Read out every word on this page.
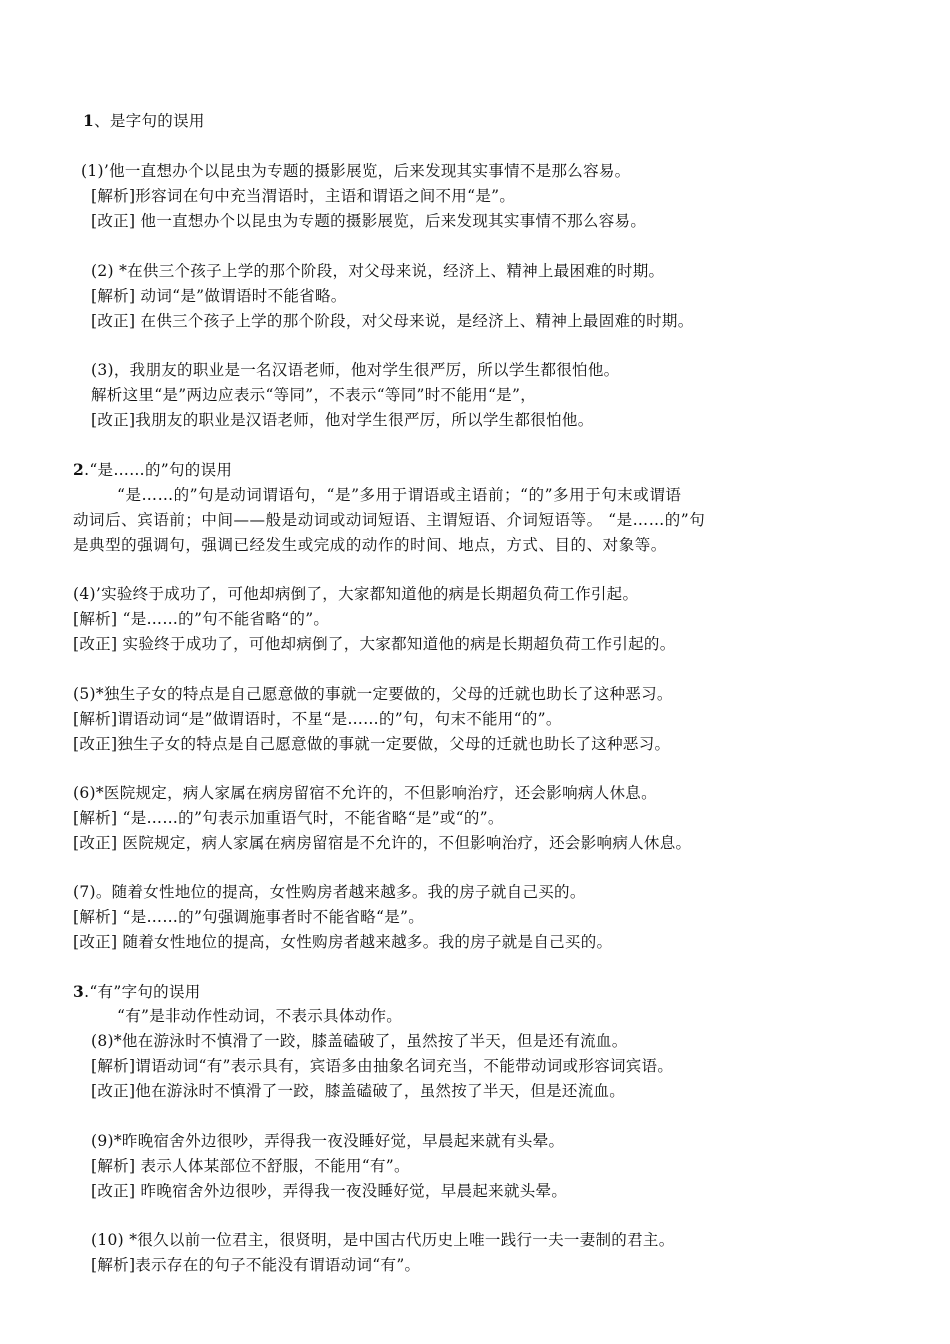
1、是字句的误用
(1)’他一直想办个以昆虫为专题的摄影展览，后来发现其实事情不是那么容易。
[解析]形容词在句中充当渭语时，主语和谓语之间不用“是”。
[改正] 他一直想办个以昆虫为专题的摄影展览，后来发现其实事情不那么容易。
(2) *在供三个孩子上学的那个阶段，对父母来说，经济上、精神上最困难的时期。
[解析] 动词“是”做谓语时不能省略。
[改正] 在供三个孩子上学的那个阶段，对父母来说，是经济上、精神上最固难的时期。
(3)，我朋友的职业是一名汉语老师，他对学生很严厉，所以学生都很怕他。
解析这里“是”两边应表示“等同”，不表示“等同”时不能用“是”，
[改正]我朋友的职业是汉语老师，他对学生很严厉，所以学生都很怕他。
2.“是……的”句的误用
“是……的”句是动词谓语句，“是”多用于谓语或主语前；“的”多用于句末或谓语
动词后、宾语前；中间——般是动词或动词短语、主谓短语、介词短语等。 “是……的”句
是典型的强调句，强调已经发生或完成的动作的时间、地点，方式、目的、对象等。
(4)’实验终于成功了，可他却病倒了，大家都知道他的病是长期超负荷工作引起。
[解析] “是……的”句不能省略“的”。
[改正] 实验终于成功了，可他却病倒了，大家都知道他的病是长期超负荷工作引起的。
(5)*独生子女的特点是自己愿意做的事就一定要做的，父母的迁就也助长了这种恶习。
[解析]谓语动词“是”做谓语时，不星“是……的”句，句末不能用“的”。
[改正]独生子女的特点是自己愿意做的事就一定要做，父母的迁就也助长了这种恶习。
(6)*医院规定，病人家属在病房留宿不允许的，不但影响治疗，还会影响病人休息。
[解析] “是……的”句表示加重语气时，不能省略“是”或“的”。
[改正] 医院规定，病人家属在病房留宿是不允许的，不但影响治疗，还会影响病人休息。
(7)。随着女性地位的提高，女性购房者越来越多。我的房子就自己买的。
[解析] “是……的”句强调施事者时不能省略“是”。
[改正] 随着女性地位的提高，女性购房者越来越多。我的房子就是自己买的。
3.“有”字句的误用
“有”是非动作性动词，不表示具体动作。
(8)*他在游泳时不慎滑了一跤，膝盖磕破了，虽然按了半天，但是还有流血。
[解析]谓语动词“有”表示具有，宾语多由抽象名词充当，不能带动词或形容词宾语。
[改正]他在游泳时不慎滑了一跤，膝盖磕破了，虽然按了半天，但是还流血。
(9)*昨晚宿舍外边很吵，弄得我一夜没睡好觉，早晨起来就有头晕。
[解析] 表示人体某部位不舒服，不能用“有”。
[改正] 昨晚宿舍外边很吵，弄得我一夜没睡好觉，早晨起来就头晕。
(10) *很久以前一位君主，很贤明，是中国古代历史上唯一践行一夫一妻制的君主。
[解析]表示存在的句子不能没有谓语动词“有”。
